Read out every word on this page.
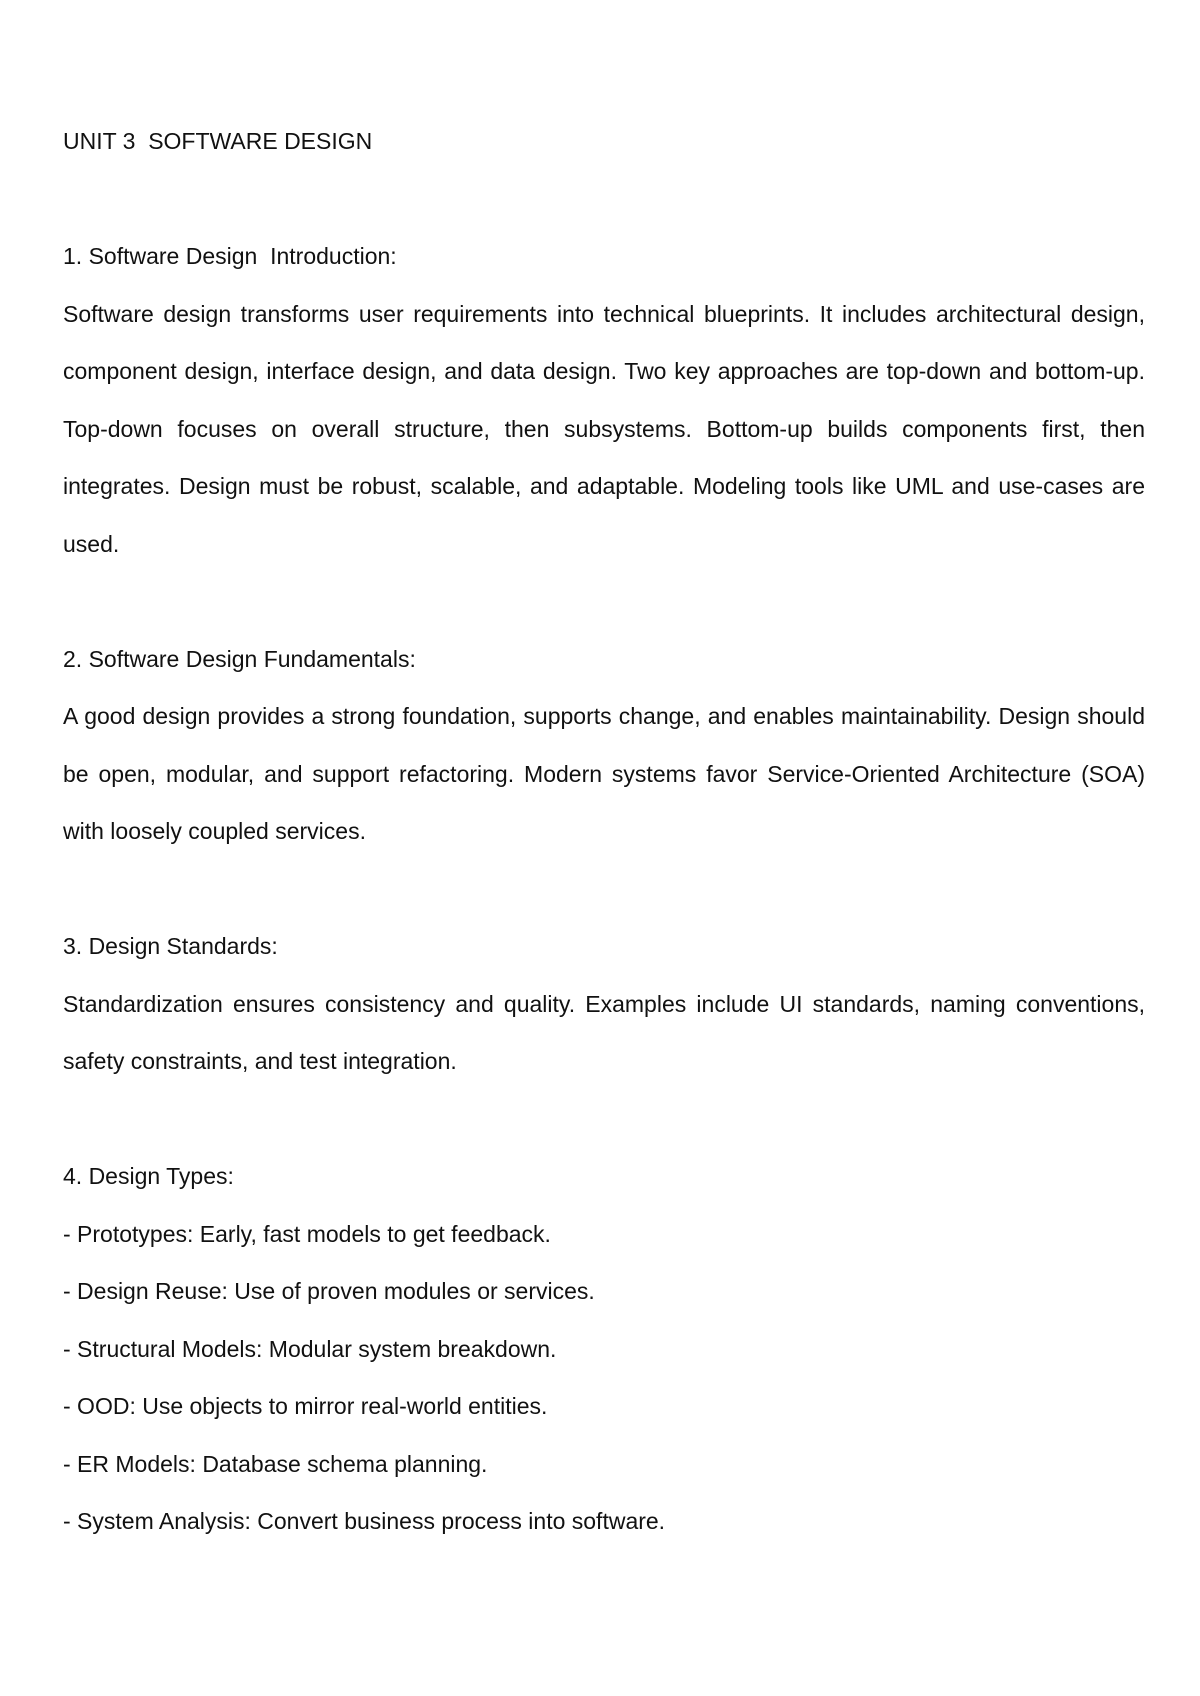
UNIT 3  SOFTWARE DESIGN
1. Software Design  Introduction:

Software design transforms user requirements into technical blueprints. It includes architectural design, component design, interface design, and data design. Two key approaches are top-down and bottom-up. Top-down focuses on overall structure, then subsystems. Bottom-up builds components first, then integrates. Design must be robust, scalable, and adaptable. Modeling tools like UML and use-cases are used.

2. Software Design Fundamentals:

A good design provides a strong foundation, supports change, and enables maintainability. Design should be open, modular, and support refactoring. Modern systems favor Service-Oriented Architecture (SOA) with loosely coupled services.

3. Design Standards:

Standardization ensures consistency and quality. Examples include UI standards, naming conventions, safety constraints, and test integration.

4. Design Types:
- Prototypes: Early, fast models to get feedback.
- Design Reuse: Use of proven modules or services.
- Structural Models: Modular system breakdown.
- OOD: Use objects to mirror real-world entities.
- ER Models: Database schema planning.
- System Analysis: Convert business process into software.
